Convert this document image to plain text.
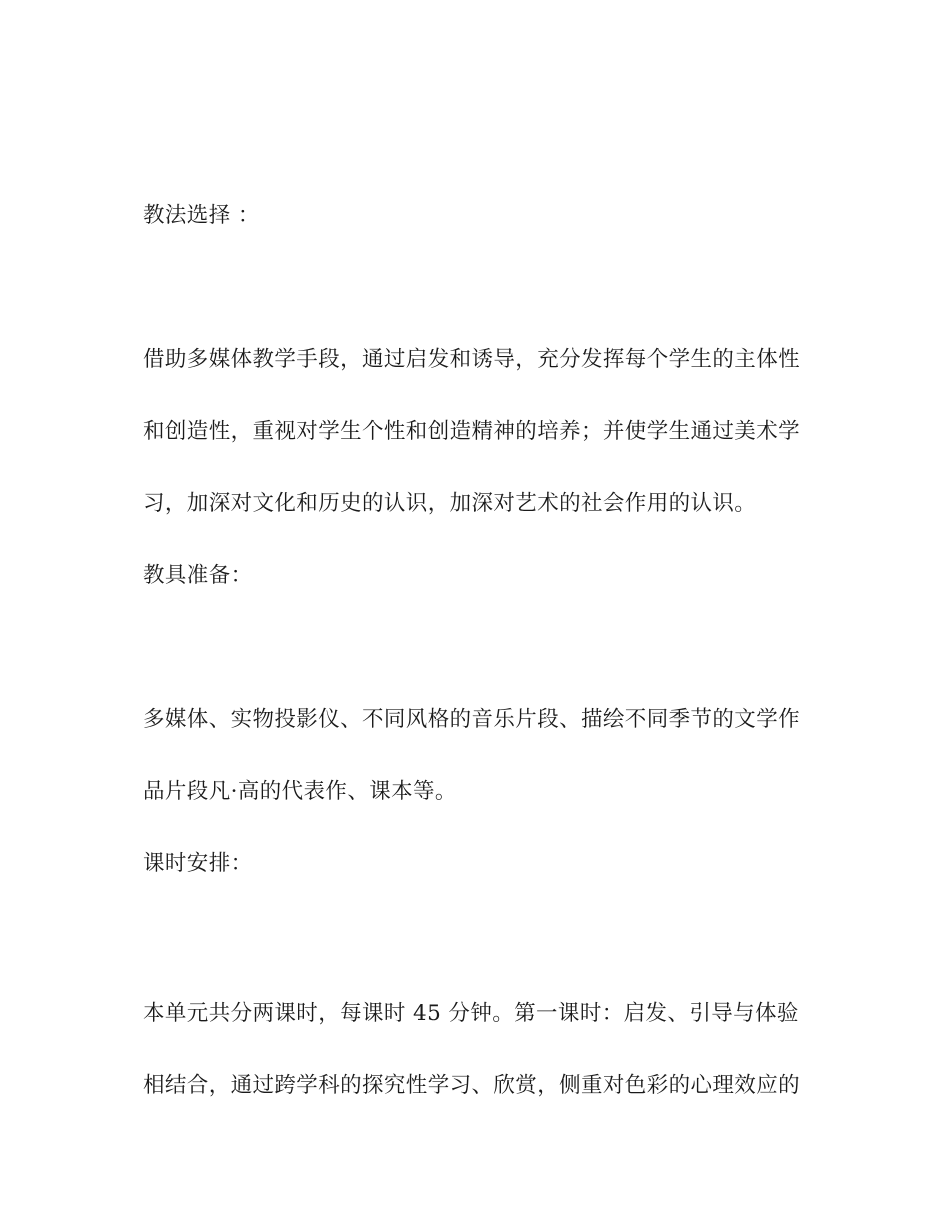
教法选择 ：
借助多媒体教学手段，通过启发和诱导，充分发挥每个学生的主体性
和创造性，重视对学生个性和创造精神的培养；并使学生通过美术学
习，加深对文化和历史的认识，加深对艺术的社会作用的认识。
教具准备：
多媒体、实物投影仪、不同风格的音乐片段、描绘不同季节的文学作
品片段凡·高的代表作、课本等。
课时安排：
本单元共分两课时，每课时 45 分钟。第一课时：启发、引导与体验
相结合，通过跨学科的探究性学习、欣赏，侧重对色彩的心理效应的
